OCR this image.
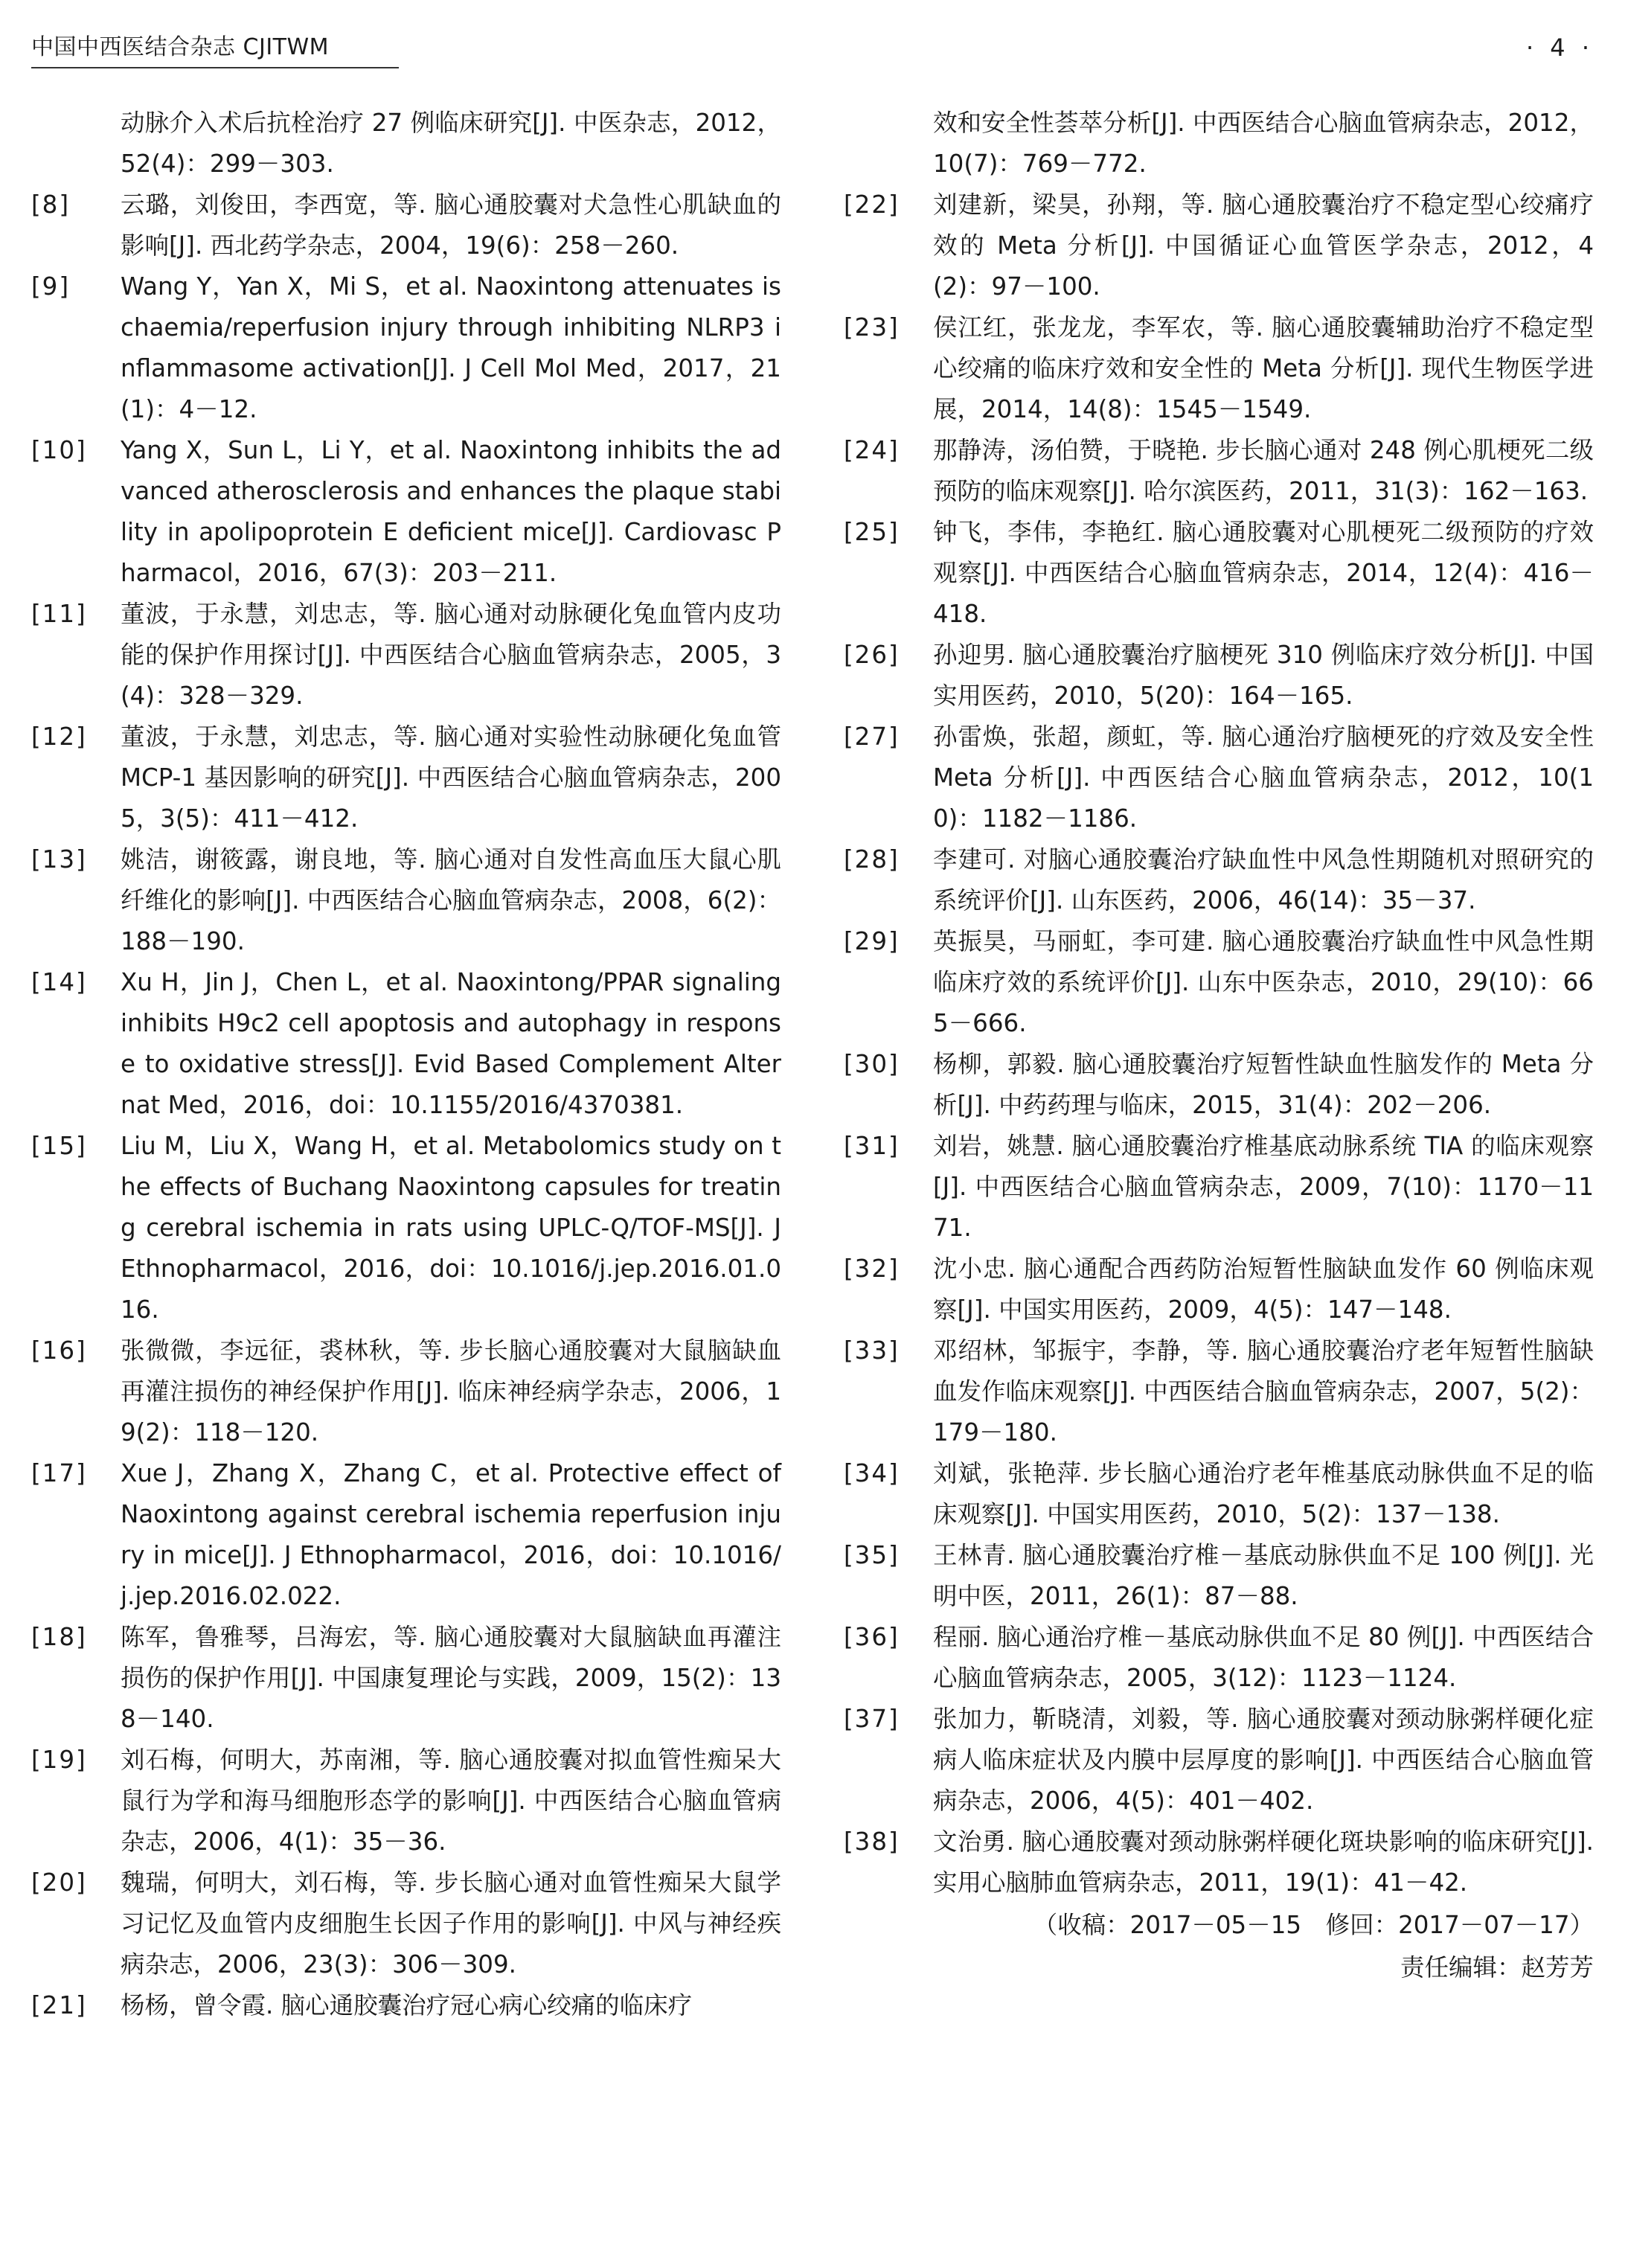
中国中西医结合杂志 CJITWM	· 4 ·
动脉介入术后抗栓治疗 27 例临床研究[J]. 中医杂志，2012，52(4)：299－303.
[8]	云璐，刘俊田，李西宽，等. 脑心通胶囊对犬急性心肌缺血的影响[J]. 西北药学杂志，2004，19(6)：258－260.
[9]	Wang Y，Yan X，Mi S，et al. Naoxintong attenuates ischaemia/reperfusion injury through inhibiting NLRP3 inflammasome activation[J]. J Cell Mol Med，2017，21(1)：4－12.
[10]	Yang X，Sun L，Li Y，et al. Naoxintong inhibits the advanced atherosclerosis and enhances the plaque stability in apolipoprotein E deficient mice[J]. Cardiovasc Pharmacol，2016，67(3)：203－211.
[11]	董波，于永慧，刘忠志，等. 脑心通对动脉硬化兔血管内皮功能的保护作用探讨[J]. 中西医结合心脑血管病杂志，2005，3(4)：328－329.
[12]	董波，于永慧，刘忠志，等. 脑心通对实验性动脉硬化兔血管 MCP-1 基因影响的研究[J]. 中西医结合心脑血管病杂志，2005，3(5)：411－412.
[13]	姚洁，谢筱露，谢良地，等. 脑心通对自发性高血压大鼠心肌纤维化的影响[J]. 中西医结合心脑血管病杂志，2008，6(2)：188－190.
[14]	Xu H，Jin J，Chen L，et al. Naoxintong/PPAR signaling inhibits H9c2 cell apoptosis and autophagy in response to oxidative stress[J]. Evid Based Complement Alternat Med，2016，doi：10.1155/2016/4370381.
[15]	Liu M，Liu X，Wang H，et al. Metabolomics study on the effects of Buchang Naoxintong capsules for treating cerebral ischemia in rats using UPLC-Q/TOF-MS[J]. J Ethnopharmacol，2016，doi：10.1016/j.jep.2016.01.016.
[16]	张微微，李远征，裘林秋，等. 步长脑心通胶囊对大鼠脑缺血再灌注损伤的神经保护作用[J]. 临床神经病学杂志，2006，19(2)：118－120.
[17]	Xue J，Zhang X，Zhang C，et al. Protective effect of Naoxintong against cerebral ischemia reperfusion injury in mice[J]. J Ethnopharmacol，2016，doi：10.1016/j.jep.2016.02.022.
[18]	陈军，鲁雅琴，吕海宏，等. 脑心通胶囊对大鼠脑缺血再灌注损伤的保护作用[J]. 中国康复理论与实践，2009，15(2)：138－140.
[19]	刘石梅，何明大，苏南湘，等. 脑心通胶囊对拟血管性痴呆大鼠行为学和海马细胞形态学的影响[J]. 中西医结合心脑血管病杂志，2006，4(1)：35－36.
[20]	魏瑞，何明大，刘石梅，等. 步长脑心通对血管性痴呆大鼠学习记忆及血管内皮细胞生长因子作用的影响[J]. 中风与神经疾病杂志，2006，23(3)：306－309.
[21]	杨杨，曾令霞. 脑心通胶囊治疗冠心病心绞痛的临床疗
效和安全性荟萃分析[J]. 中西医结合心脑血管病杂志，2012，10(7)：769－772.
[22]	刘建新，梁昊，孙翔，等. 脑心通胶囊治疗不稳定型心绞痛疗效的 Meta 分析[J]. 中国循证心血管医学杂志，2012，4(2)：97－100.
[23]	侯江红，张龙龙，李军农，等. 脑心通胶囊辅助治疗不稳定型心绞痛的临床疗效和安全性的 Meta 分析[J]. 现代生物医学进展，2014，14(8)：1545－1549.
[24]	那静涛，汤伯赞，于晓艳. 步长脑心通对 248 例心肌梗死二级预防的临床观察[J]. 哈尔滨医药，2011，31(3)：162－163.
[25]	钟飞，李伟，李艳红. 脑心通胶囊对心肌梗死二级预防的疗效观察[J]. 中西医结合心脑血管病杂志，2014，12(4)：416－418.
[26]	孙迎男. 脑心通胶囊治疗脑梗死 310 例临床疗效分析[J]. 中国实用医药，2010，5(20)：164－165.
[27]	孙雷焕，张超，颜虹，等. 脑心通治疗脑梗死的疗效及安全性 Meta 分析[J]. 中西医结合心脑血管病杂志，2012，10(10)：1182－1186.
[28]	李建可. 对脑心通胶囊治疗缺血性中风急性期随机对照研究的系统评价[J]. 山东医药，2006，46(14)：35－37.
[29]	英振昊，马丽虹，李可建. 脑心通胶囊治疗缺血性中风急性期临床疗效的系统评价[J]. 山东中医杂志，2010，29(10)：665－666.
[30]	杨柳，郭毅. 脑心通胶囊治疗短暂性缺血性脑发作的 Meta 分析[J]. 中药药理与临床，2015，31(4)：202－206.
[31]	刘岩，姚慧. 脑心通胶囊治疗椎基底动脉系统 TIA 的临床观察[J]. 中西医结合心脑血管病杂志，2009，7(10)：1170－1171.
[32]	沈小忠. 脑心通配合西药防治短暂性脑缺血发作 60 例临床观察[J]. 中国实用医药，2009，4(5)：147－148.
[33]	邓绍林，邹振宇，李静，等. 脑心通胶囊治疗老年短暂性脑缺血发作临床观察[J]. 中西医结合脑血管病杂志，2007，5(2)：179－180.
[34]	刘斌，张艳萍. 步长脑心通治疗老年椎基底动脉供血不足的临床观察[J]. 中国实用医药，2010，5(2)：137－138.
[35]	王林青. 脑心通胶囊治疗椎－基底动脉供血不足 100 例[J]. 光明中医，2011，26(1)：87－88.
[36]	程丽. 脑心通治疗椎－基底动脉供血不足 80 例[J]. 中西医结合心脑血管病杂志，2005，3(12)：1123－1124.
[37]	张加力，靳晓清，刘毅，等. 脑心通胶囊对颈动脉粥样硬化症病人临床症状及内膜中层厚度的影响[J]. 中西医结合心脑血管病杂志，2006，4(5)：401－402.
[38]	文治勇. 脑心通胶囊对颈动脉粥样硬化斑块影响的临床研究[J]. 实用心脑肺血管病杂志，2011，19(1)：41－42.
（收稿：2017－05－15　修回：2017－07－17）
责任编辑：赵芳芳
